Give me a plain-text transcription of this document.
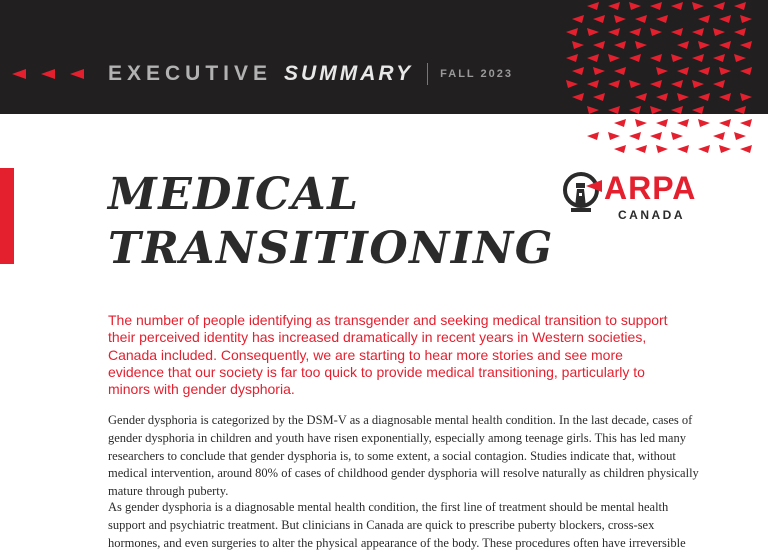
EXECUTIVE SUMMARY FALL 2023
MEDICAL
TRANSITIONING
ARPA
CANADA

The number of people identifying as transgender and seeking medical transition to support their perceived identity has increased dramatically in recent years in Western societies, Canada included. Consequently, we are starting to hear more stories and see more evidence that our society is far too quick to provide medical transitioning, particularly to minors with gender dysphoria.

Gender dysphoria is categorized by the DSM-V as a diagnosable mental health condition. In the last decade, cases of gender dysphoria in children and youth have risen exponentially, especially among teenage girls. This has led many researchers to conclude that gender dysphoria is, to some extent, a social contagion. Studies indicate that, without medical intervention, around 80% of cases of childhood gender dysphoria will resolve naturally as children physically mature through puberty.

As gender dysphoria is a diagnosable mental health condition, the first line of treatment should be mental health support and psychiatric treatment. But clinicians in Canada are quick to prescribe puberty blockers, cross-sex hormones, and even surgeries to alter the physical appearance of the body. These procedures often have irreversible
